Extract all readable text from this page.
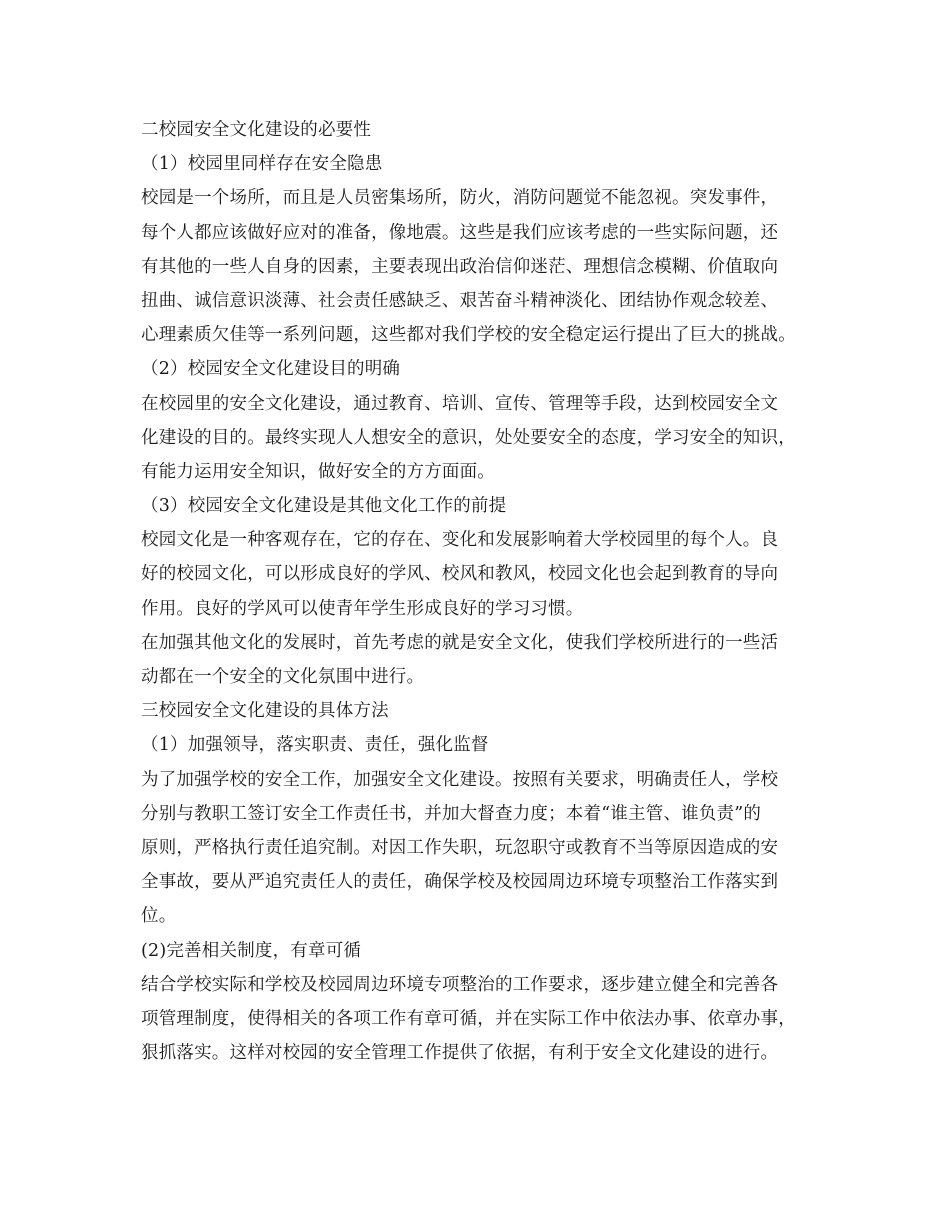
二校园安全文化建设的必要性
（1）校园里同样存在安全隐患
校园是一个场所，而且是人员密集场所，防火，消防问题觉不能忽视。突发事件，
每个人都应该做好应对的准备，像地震。这些是我们应该考虑的一些实际问题，还
有其他的一些人自身的因素，主要表现出政治信仰迷茫、理想信念模糊、价值取向
扭曲、诚信意识淡薄、社会责任感缺乏、艰苦奋斗精神淡化、团结协作观念较差、
心理素质欠佳等一系列问题，这些都对我们学校的安全稳定运行提出了巨大的挑战。
（2）校园安全文化建设目的明确
在校园里的安全文化建设，通过教育、培训、宣传、管理等手段，达到校园安全文
化建设的目的。最终实现人人想安全的意识，处处要安全的态度，学习安全的知识，
有能力运用安全知识，做好安全的方方面面。
（3）校园安全文化建设是其他文化工作的前提
校园文化是一种客观存在，它的存在、变化和发展影响着大学校园里的每个人。良
好的校园文化，可以形成良好的学风、校风和教风，校园文化也会起到教育的导向
作用。良好的学风可以使青年学生形成良好的学习习惯。
在加强其他文化的发展时，首先考虑的就是安全文化，使我们学校所进行的一些活
动都在一个安全的文化氛围中进行。
三校园安全文化建设的具体方法
（1）加强领导，落实职责、责任，强化监督
为了加强学校的安全工作，加强安全文化建设。按照有关要求，明确责任人，学校
分别与教职工签订安全工作责任书，并加大督查力度；本着“谁主管、谁负责”的
原则，严格执行责任追究制。对因工作失职，玩忽职守或教育不当等原因造成的安
全事故，要从严追究责任人的责任，确保学校及校园周边环境专项整治工作落实到
位。
(2)完善相关制度，有章可循
结合学校实际和学校及校园周边环境专项整治的工作要求，逐步建立健全和完善各
项管理制度，使得相关的各项工作有章可循，并在实际工作中依法办事、依章办事，
狠抓落实。这样对校园的安全管理工作提供了依据，有利于安全文化建设的进行。
